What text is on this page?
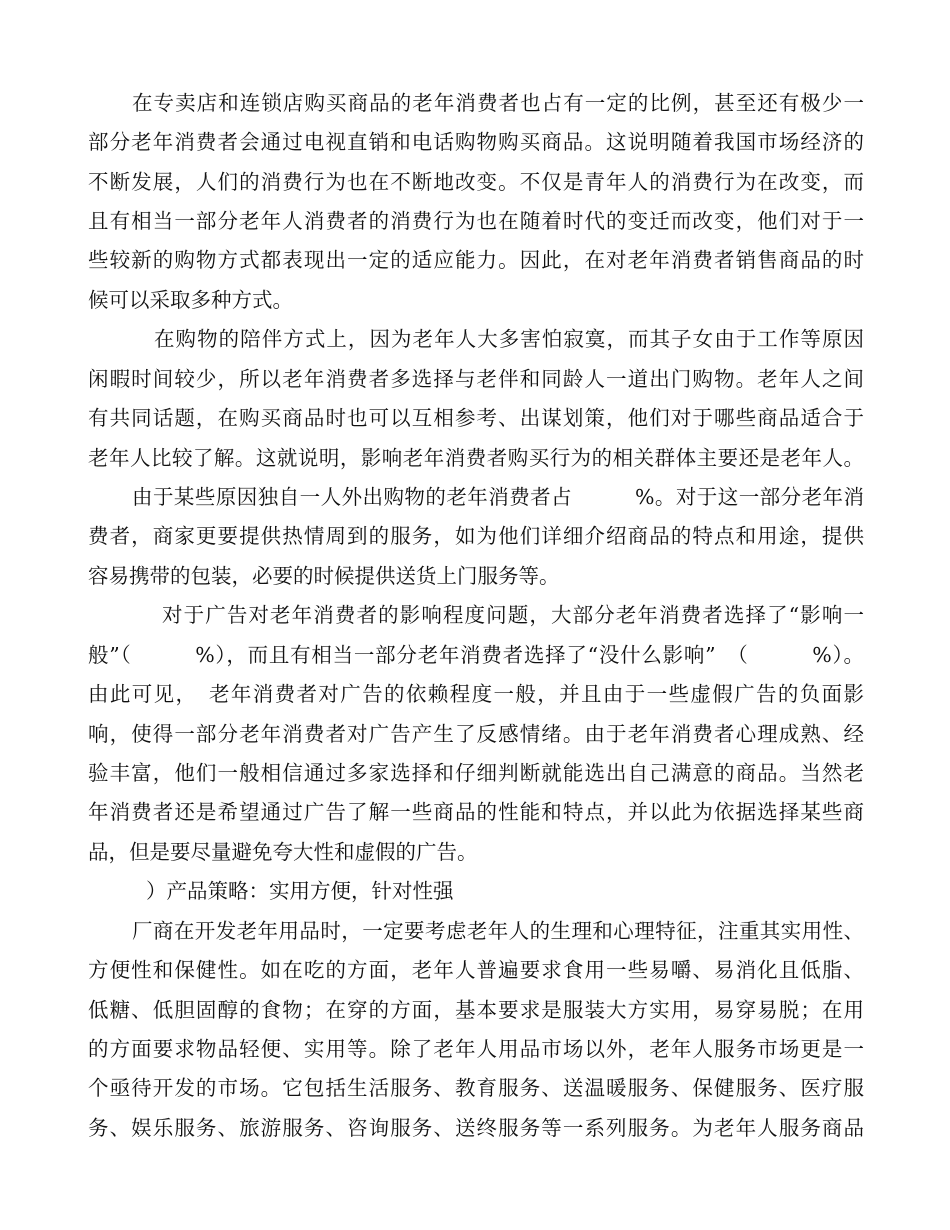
在专卖店和连锁店购买商品的老年消费者也占有一定的比例，甚至还有极少一
部分老年消费者会通过电视直销和电话购物购买商品。这说明随着我国市场经济的
不断发展，人们的消费行为也在不断地改变。不仅是青年人的消费行为在改变，而
且有相当一部分老年人消费者的消费行为也在随着时代的变迁而改变，他们对于一
些较新的购物方式都表现出一定的适应能力。因此，在对老年消费者销售商品的时
候可以采取多种方式。
在购物的陪伴方式上，因为老年人大多害怕寂寞，而其子女由于工作等原因
闲暇时间较少，所以老年消费者多选择与老伴和同龄人一道出门购物。老年人之间
有共同话题，在购买商品时也可以互相参考、出谋划策，他们对于哪些商品适合于
老年人比较了解。这就说明，影响老年消费者购买行为的相关群体主要还是老年人。
由于某些原因独自一人外出购物的老年消费者占　　　%。对于这一部分老年消
费者，商家更要提供热情周到的服务，如为他们详细介绍商品的特点和用途，提供
容易携带的包装，必要的时候提供送货上门服务等。
对于广告对老年消费者的影响程度问题，大部分老年消费者选择了“影响一
般”（　　　%），而且有相当一部分老年消费者选择了“没什么影响”　（　　　%）。
由此可见，　老年消费者对广告的依赖程度一般，并且由于一些虚假广告的负面影
响，使得一部分老年消费者对广告产生了反感情绪。由于老年消费者心理成熟、经
验丰富，他们一般相信通过多家选择和仔细判断就能选出自己满意的商品。当然老
年消费者还是希望通过广告了解一些商品的性能和特点，并以此为依据选择某些商
品，但是要尽量避免夸大性和虚假的广告。
）产品策略：实用方便，针对性强
厂商在开发老年用品时，一定要考虑老年人的生理和心理特征，注重其实用性、
方便性和保健性。如在吃的方面，老年人普遍要求食用一些易嚼、易消化且低脂、
低糖、低胆固醇的食物；在穿的方面，基本要求是服装大方实用，易穿易脱；在用
的方面要求物品轻便、实用等。除了老年人用品市场以外，老年人服务市场更是一
个亟待开发的市场。它包括生活服务、教育服务、送温暖服务、保健服务、医疗服
务、娱乐服务、旅游服务、咨询服务、送终服务等一系列服务。为老年人服务商品
